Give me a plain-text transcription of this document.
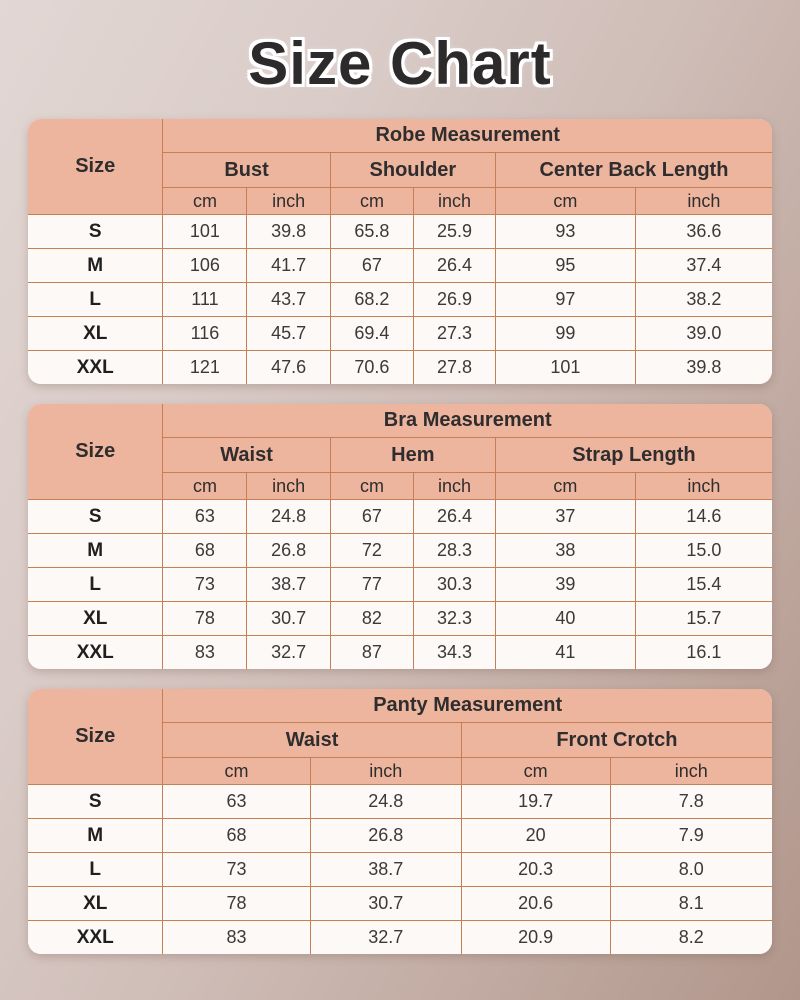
Size Chart
Size	Robe Measurement					
	Bust		Shoulder		Center Back Length	
	cm	inch	cm	inch	cm	inch
S	101	39.8	65.8	25.9	93	36.6
M	106	41.7	67	26.4	95	37.4
L	111	43.7	68.2	26.9	97	38.2
XL	116	45.7	69.4	27.3	99	39.0
XXL	121	47.6	70.6	27.8	101	39.8
Size	Bra Measurement					
	Waist		Hem		Strap Length	
	cm	inch	cm	inch	cm	inch
S	63	24.8	67	26.4	37	14.6
M	68	26.8	72	28.3	38	15.0
L	73	38.7	77	30.3	39	15.4
XL	78	30.7	82	32.3	40	15.7
XXL	83	32.7	87	34.3	41	16.1
Size	Panty Measurement			
	Waist		Front Crotch	
	cm	inch	cm	inch
S	63	24.8	19.7	7.8
M	68	26.8	20	7.9
L	73	38.7	20.3	8.0
XL	78	30.7	20.6	8.1
XXL	83	32.7	20.9	8.2
